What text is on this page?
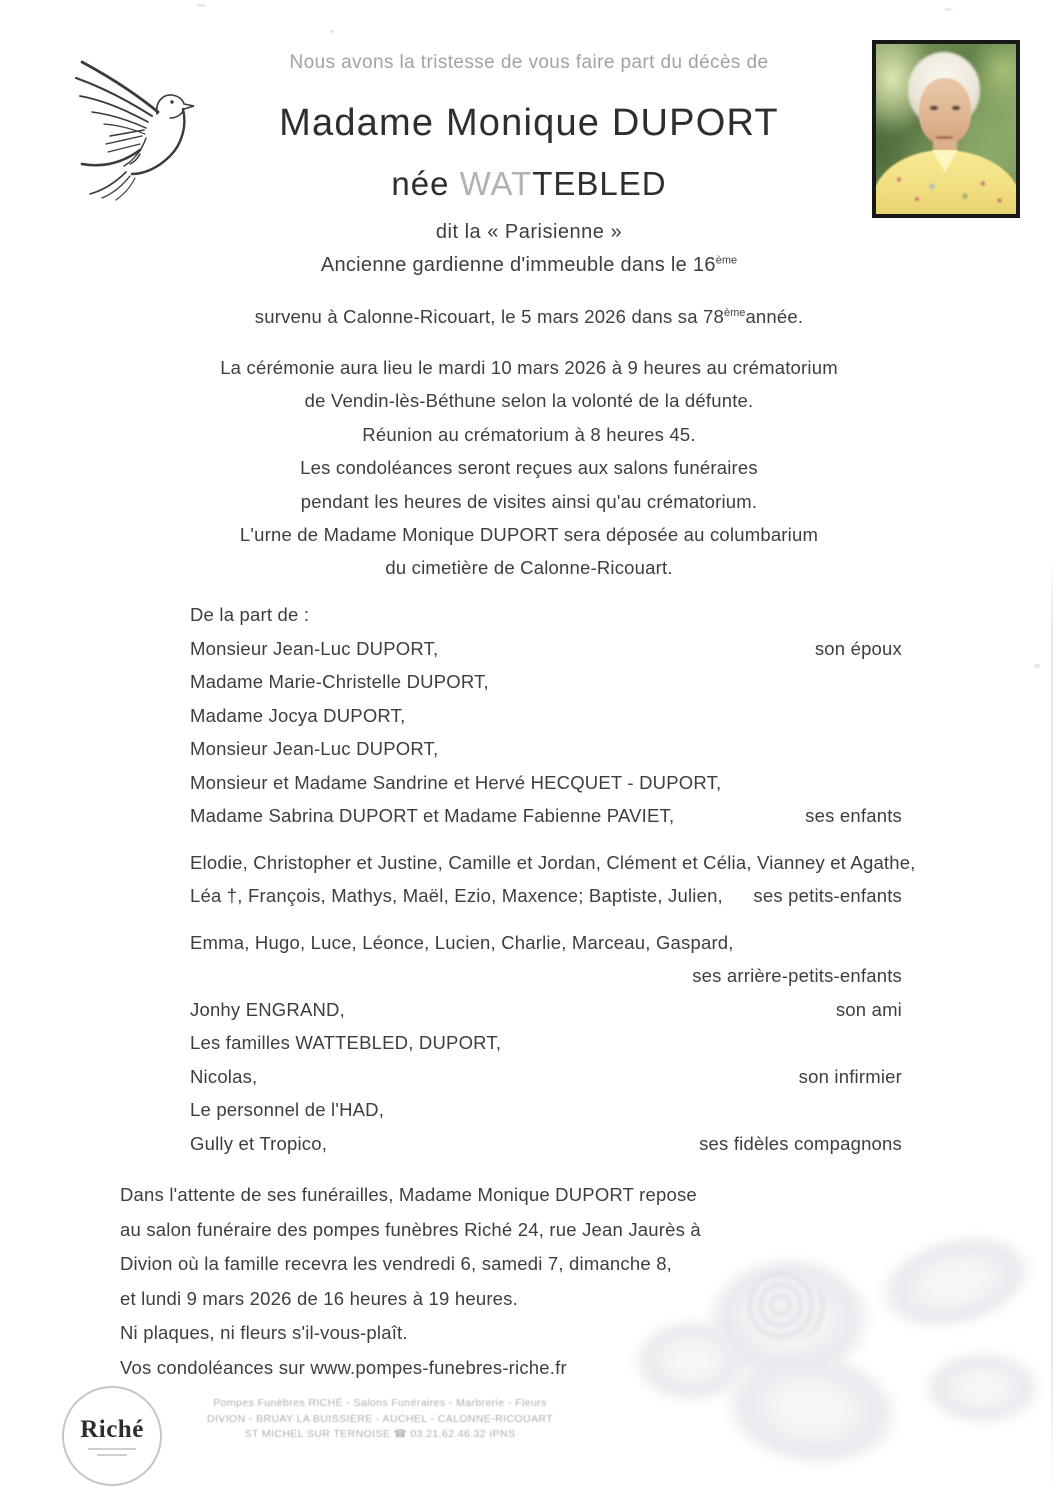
Nous avons la tristesse de vous faire part du décès de
Madame Monique DUPORT
née WATTEBLED
dit la « Parisienne »
Ancienne gardienne d'immeuble dans le 16ème
survenu à Calonne-Ricouart, le 5 mars 2026 dans sa 78èmeannée.
La cérémonie aura lieu le mardi 10 mars 2026 à 9 heures au crématorium
de Vendin-lès-Béthune selon la volonté de la défunte.
Réunion au crématorium à 8 heures 45.
Les condoléances seront reçues aux salons funéraires
pendant les heures de visites ainsi qu'au crématorium.
L'urne de Madame Monique DUPORT sera déposée au columbarium
du cimetière de Calonne-Ricouart.
De la part de :
Monsieur Jean-Luc DUPORT,	son époux
Madame Marie-Christelle DUPORT,
Madame Jocya DUPORT,
Monsieur Jean-Luc DUPORT,
Monsieur et Madame Sandrine et Hervé HECQUET - DUPORT,
Madame Sabrina DUPORT et Madame Fabienne PAVIET,	ses enfants
Elodie, Christopher et Justine, Camille et Jordan, Clément et Célia, Vianney et Agathe,
Léa †, François, Mathys, Maël, Ezio, Maxence; Baptiste, Julien, ses petits-enfants
Emma, Hugo, Luce, Léonce, Lucien, Charlie, Marceau, Gaspard,
ses arrière-petits-enfants
Jonhy ENGRAND,	son ami
Les familles WATTEBLED, DUPORT,
Nicolas,	son infirmier
Le personnel de l'HAD,
Gully et Tropico,	ses fidèles compagnons
Dans l'attente de ses funérailles, Madame Monique DUPORT repose
au salon funéraire des pompes funèbres Riché 24, rue Jean Jaurès à
Divion où la famille recevra les vendredi 6, samedi 7, dimanche 8,
et lundi 9 mars 2026 de 16 heures à 19 heures.
Ni plaques, ni fleurs s'il-vous-plaît.
Vos condoléances sur www.pompes-funebres-riche.fr
Riché
Pompes Funèbres RICHÉ - Salons Funéraires - Marbrerie - Fleurs
DIVION - BRUAY LA BUISSIÈRE - AUCHEL - CALONNE-RICOUART
ST MICHEL SUR TERNOISE ☎ 03.21.62.46.32 IPNS
